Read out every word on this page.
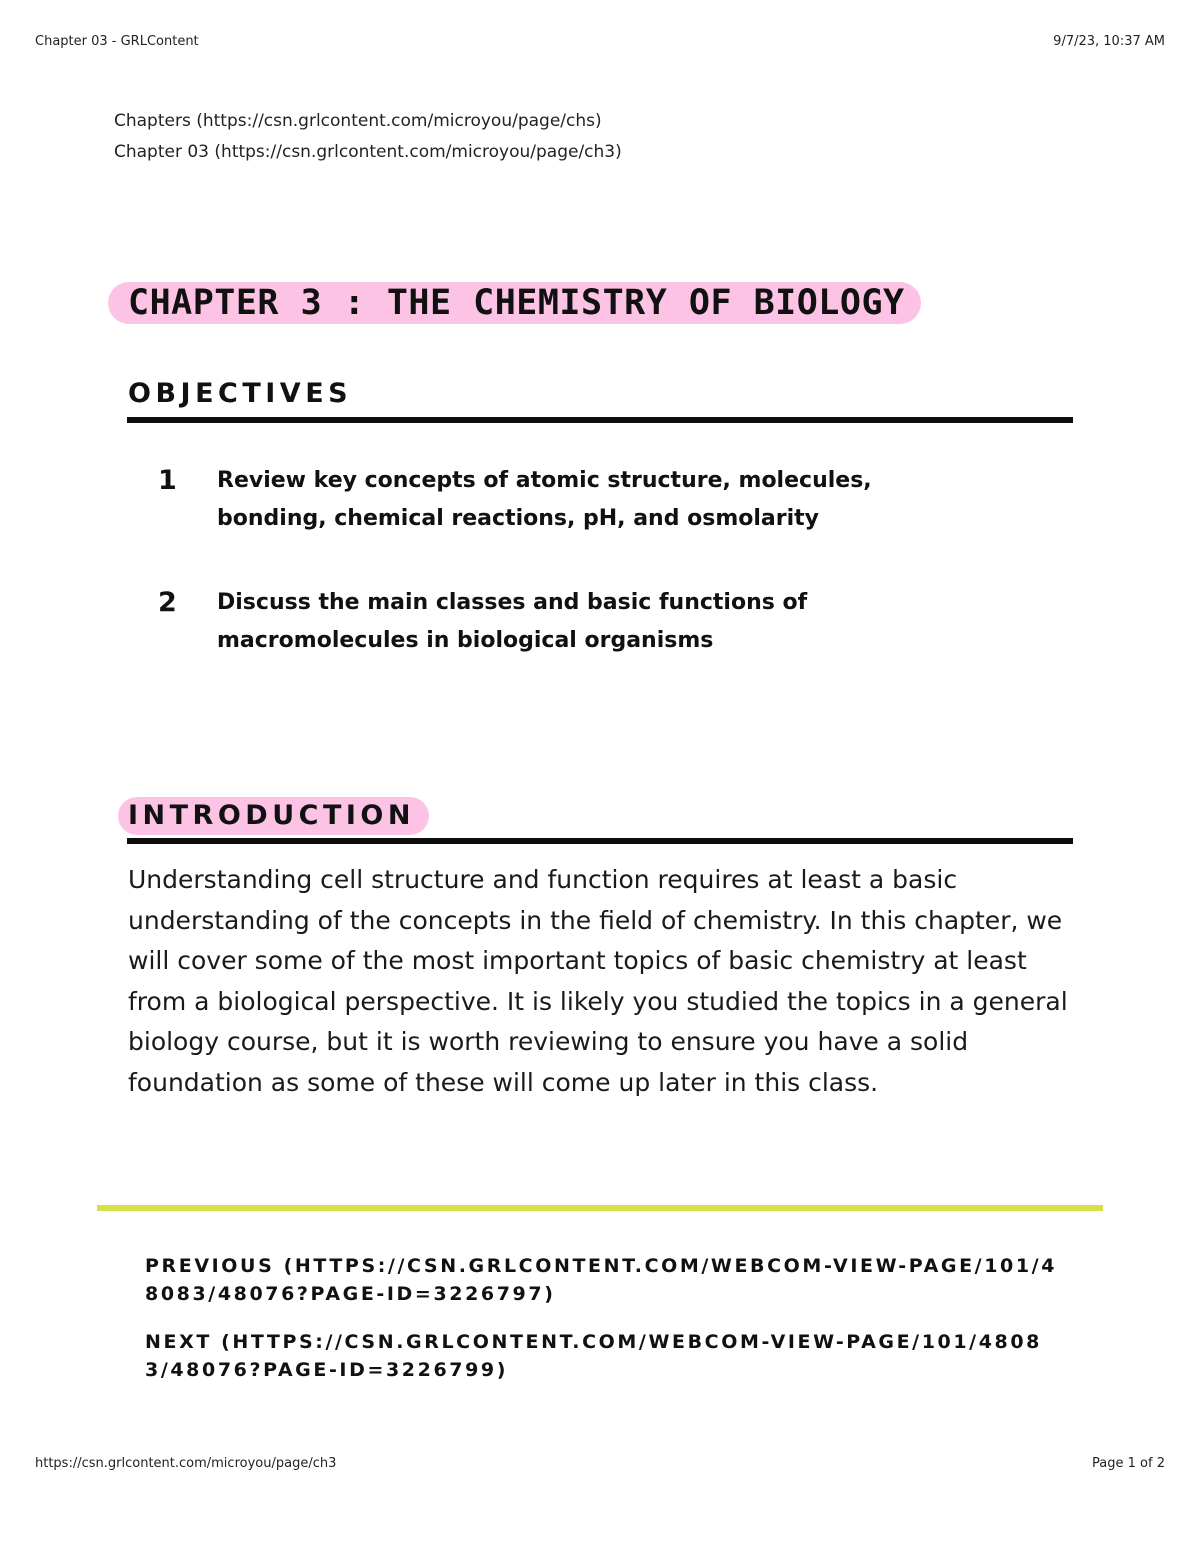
Chapter 03 - GRLContent	9/7/23, 10:37 AM
Chapters (https://csn.grlcontent.com/microyou/page/chs)
Chapter 03 (https://csn.grlcontent.com/microyou/page/ch3)
CHAPTER 3 : THE CHEMISTRY OF BIOLOGY
OBJECTIVES
1	Review key concepts of atomic structure, molecules, bonding, chemical reactions, pH, and osmolarity
2	Discuss the main classes and basic functions of macromolecules in biological organisms
INTRODUCTION

Understanding cell structure and function requires at least a basic understanding of the concepts in the field of chemistry. In this chapter, we will cover some of the most important topics of basic chemistry at least from a biological perspective. It is likely you studied the topics in a general biology course, but it is worth reviewing to ensure you have a solid foundation as some of these will come up later in this class.

PREVIOUS (HTTPS://CSN.GRLCONTENT.COM/WEBCOM-VIEW-PAGE/101/48083/48076?PAGE-ID=3226797)
NEXT (HTTPS://CSN.GRLCONTENT.COM/WEBCOM-VIEW-PAGE/101/48083/48076?PAGE-ID=3226799)
https://csn.grlcontent.com/microyou/page/ch3	Page 1 of 2
